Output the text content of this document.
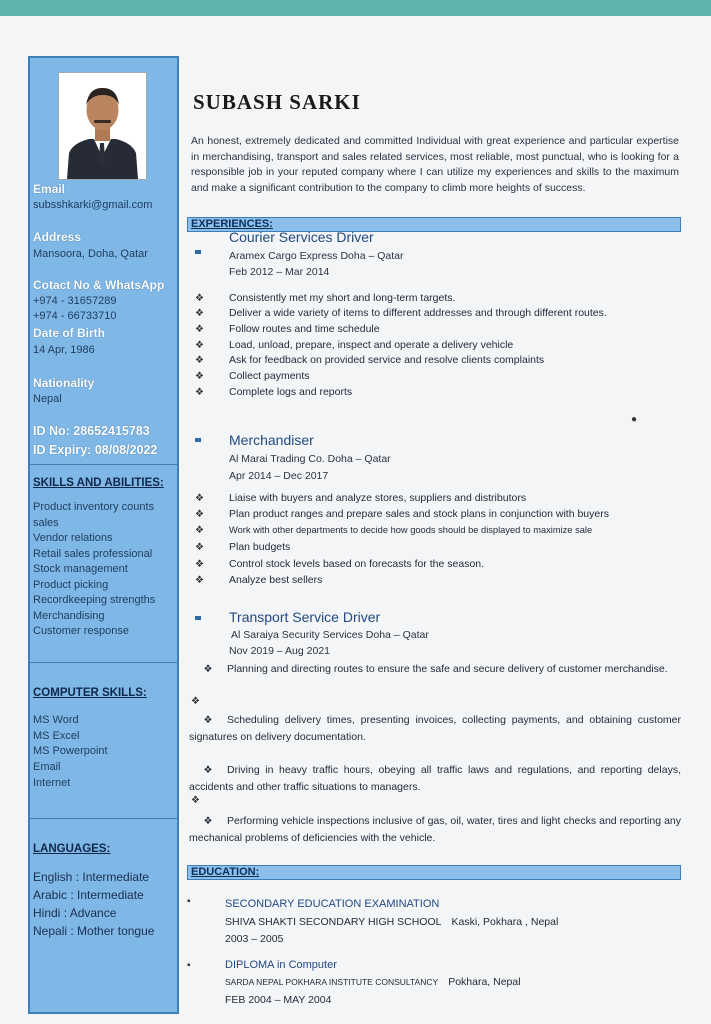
Email
subsshkarki@gmail.com
Address
Mansoora, Doha, Qatar
Cotact No & WhatsApp
+974 - 31657289
+974 - 66733710
Date of Birth
14 Apr, 1986
Nationality
Nepal
ID No: 28652415783
ID Expiry: 08/08/2022
SKILLS AND ABILITIES:
Product inventory counts
sales
Vendor relations
Retail sales professional
Stock management
Product picking
Recordkeeping strengths
Merchandising
Customer response
COMPUTER SKILLS:
MS Word
MS Excel
MS Powerpoint
Email
Internet
LANGUAGES:
English : Intermediate
Arabic : Intermediate
Hindi : Advance
Nepali : Mother tongue
SUBASH SARKI
An honest, extremely dedicated and committed Individual with great experience and particular expertise in merchandising, transport and sales related services, most reliable, most punctual, who is looking for a responsible job in your reputed company where I can utilize my experiences and skills to the maximum and make a significant contribution to the company to climb more heights of success.
EXPERIENCES:
Courier Services Driver
Aramex Cargo Express Doha – Qatar
Feb 2012 – Mar 2014
❖ Consistently met my short and long-term targets.
❖ Deliver a wide variety of items to different addresses and through different routes.
❖ Follow routes and time schedule
❖ Load, unload, prepare, inspect and operate a delivery vehicle
❖ Ask for feedback on provided service and resolve clients complaints
❖ Collect payments
❖ Complete logs and reports
●
Merchandiser
Al Marai Trading Co. Doha – Qatar
Apr 2014 – Dec 2017
❖ Liaise with buyers and analyze stores, suppliers and distributors
❖ Plan product ranges and prepare sales and stock plans in conjunction with buyers
❖	Work with other departments to decide how goods should be displayed to maximize sale
❖ Plan budgets
❖ Control stock levels based on forecasts for the season.
❖ Analyze best sellers
Transport Service Driver
Al Saraiya Security Services Doha – Qatar
Nov 2019 – Aug 2021
❖ Planning and directing routes to ensure the safe and secure delivery of customer merchandise.
❖
❖ Scheduling delivery times, presenting invoices, collecting payments, and obtaining customer signatures on delivery documentation.
❖ Driving in heavy traffic hours, obeying all traffic laws and regulations, and reporting delays, accidents and other traffic situations to managers.
❖
❖ Performing vehicle inspections inclusive of gas, oil, water, tires and light checks and reporting any mechanical problems of deficiencies with the vehicle.
EDUCATION:
▪	SECONDARY EDUCATION EXAMINATION
SHIVA SHAKTI SECONDARY HIGH SCHOOL Kaski, Pokhara , Nepal
2003 – 2005
▪	DIPLOMA in Computer
SARDA NEPAL POKHARA INSTITUTE CONSULTANCY Pokhara, Nepal
FEB 2004 – MAY 2004
